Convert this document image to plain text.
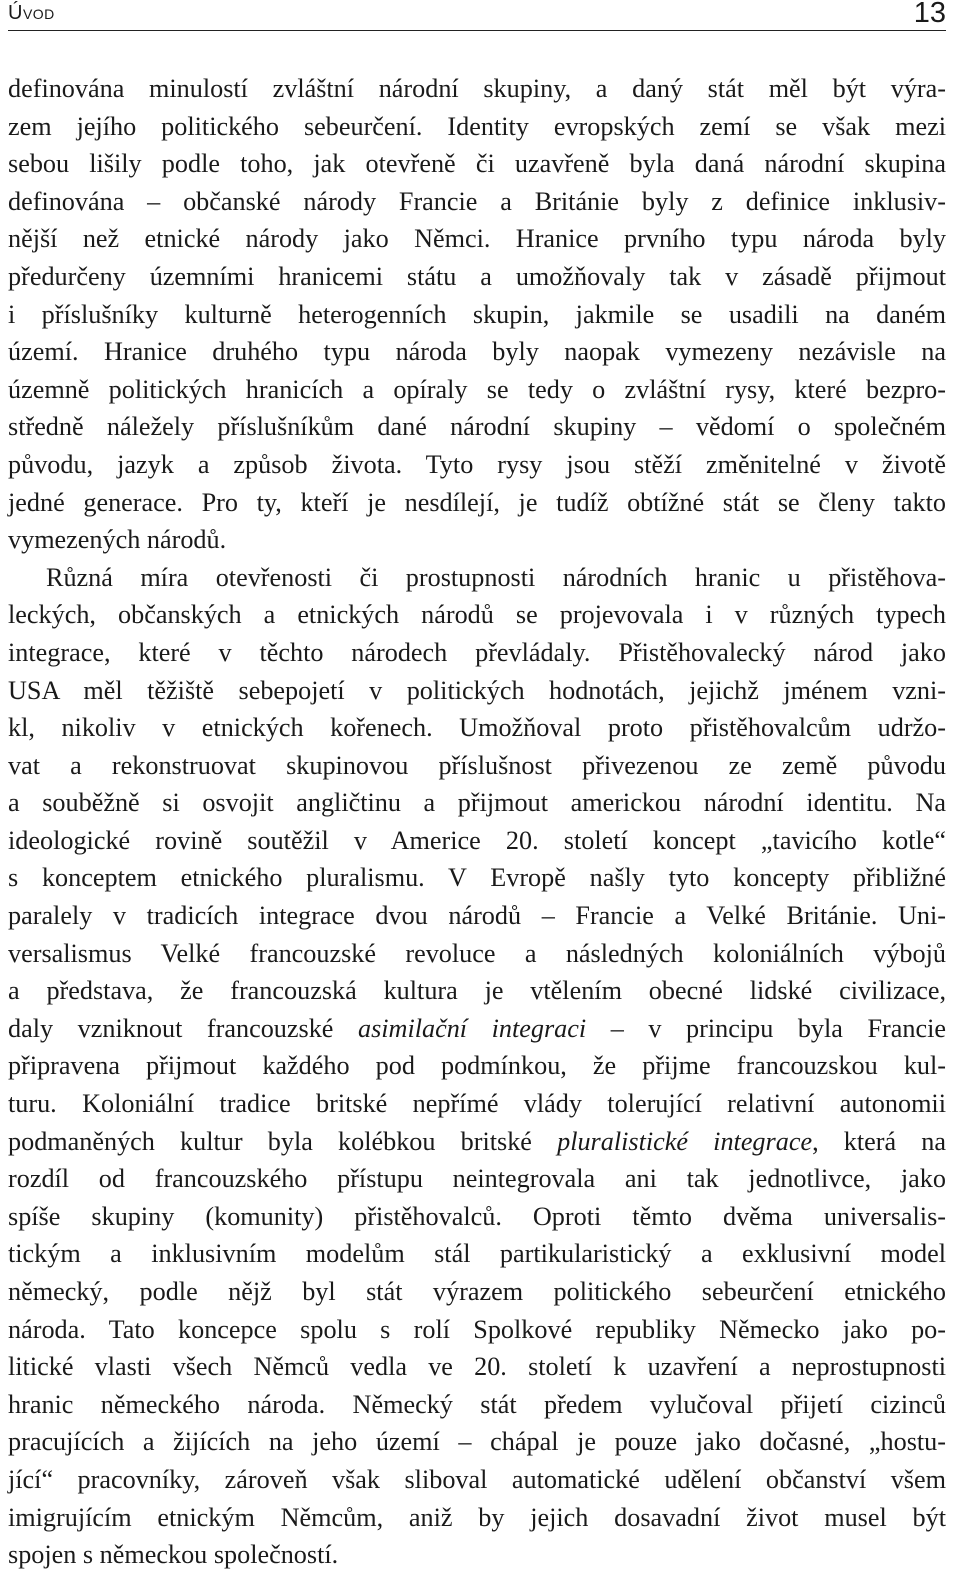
Úvod	13
definována minulostí zvláštní národní skupiny, a daný stát měl být výra-
zem jejího politického sebeurčení. Identity evropských zemí se však mezi
sebou lišily podle toho, jak otevřeně či uzavřeně byla daná národní skupina
definována – občanské národy Francie a Británie byly z definice inklusiv-
nější než etnické národy jako Němci. Hranice prvního typu národa byly
předurčeny územními hranicemi státu a umožňovaly tak v zásadě přijmout
i příslušníky kulturně heterogenních skupin, jakmile se usadili na daném
území. Hranice druhého typu národa byly naopak vymezeny nezávisle na
územně politických hranicích a opíraly se tedy o zvláštní rysy, které bezpro-
středně náležely příslušníkům dané národní skupiny – vědomí o společném
původu, jazyk a způsob života. Tyto rysy jsou stěží změnitelné v životě
jedné generace. Pro ty, kteří je nesdílejí, je tudíž obtížné stát se členy takto
vymezených národů.
Různá míra otevřenosti či prostupnosti národních hranic u přistěhova-
leckých, občanských a etnických národů se projevovala i v různých typech
integrace, které v těchto národech převládaly. Přistěhovalecký národ jako
USA měl těžiště sebepojetí v politických hodnotách, jejichž jménem vzni-
kl, nikoliv v etnických kořenech. Umožňoval proto přistěhovalcům udržo-
vat a rekonstruovat skupinovou příslušnost přivezenou ze země původu
a souběžně si osvojit angličtinu a přijmout americkou národní identitu. Na
ideologické rovině soutěžil v Americe 20. století koncept „tavicího kotle“
s konceptem etnického pluralismu. V Evropě našly tyto koncepty přibližné
paralely v tradicích integrace dvou národů – Francie a Velké Británie. Uni-
versalismus Velké francouzské revoluce a následných koloniálních výbojů
a představa, že francouzská kultura je vtělením obecné lidské civilizace,
daly vzniknout francouzské asimilační integraci – v principu byla Francie
připravena přijmout každého pod podmínkou, že přijme francouzskou kul-
turu. Koloniální tradice britské nepřímé vlády tolerující relativní autonomii
podmaněných kultur byla kolébkou britské pluralistické integrace, která na
rozdíl od francouzského přístupu neintegrovala ani tak jednotlivce, jako
spíše skupiny (komunity) přistěhovalců. Oproti těmto dvěma universalis-
tickým a inklusivním modelům stál partikularistický a exklusivní model
německý, podle nějž byl stát výrazem politického sebeurčení etnického
národa. Tato koncepce spolu s rolí Spolkové republiky Německo jako po-
litické vlasti všech Němců vedla ve 20. století k uzavření a neprostupnosti
hranic německého národa. Německý stát předem vylučoval přijetí cizinců
pracujících a žijících na jeho území – chápal je pouze jako dočasné, „hostu-
jící“ pracovníky, zároveň však sliboval automatické udělení občanství všem
imigrujícím etnickým Němcům, aniž by jejich dosavadní život musel být
spojen s německou společností.
